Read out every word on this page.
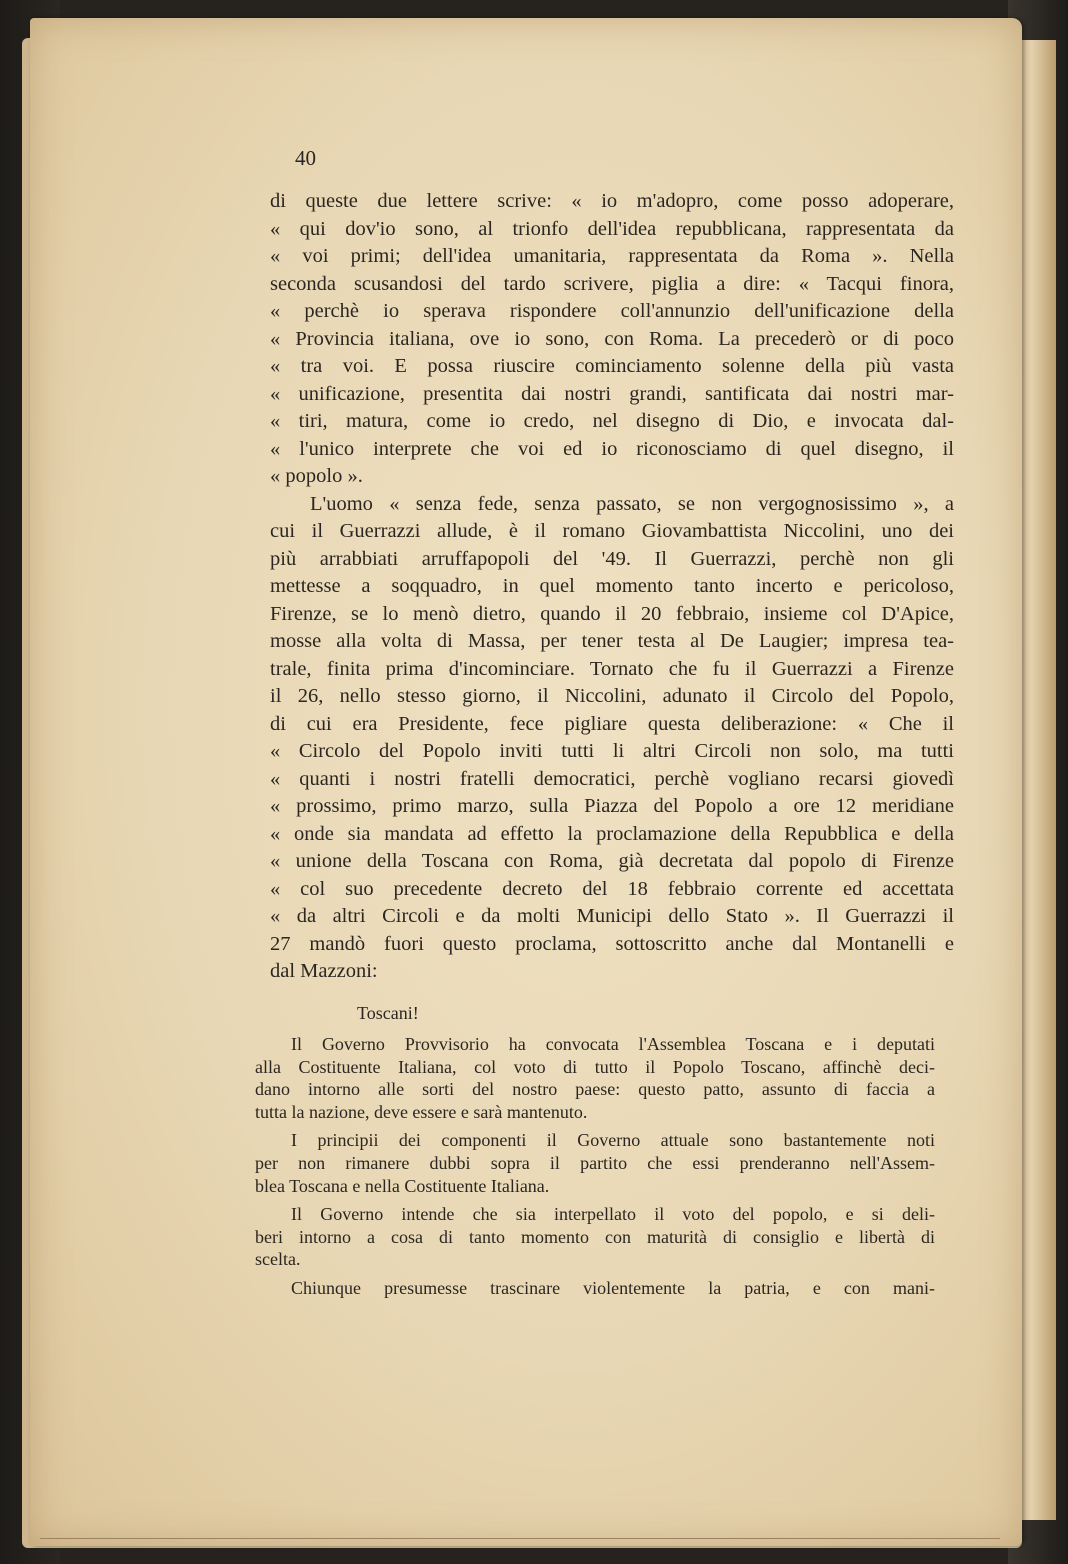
40
di queste due lettere scrive: « io m'adopro, come posso adoperare,
« qui dov'io sono, al trionfo dell'idea repubblicana, rappresentata da
« voi primi; dell'idea umanitaria, rappresentata da Roma ». Nella
seconda scusandosi del tardo scrivere, piglia a dire: « Tacqui finora,
« perchè io sperava rispondere coll'annunzio dell'unificazione della
« Provincia italiana, ove io sono, con Roma. La precederò or di poco
« tra voi. E possa riuscire cominciamento solenne della più vasta
« unificazione, presentita dai nostri grandi, santificata dai nostri mar-
« tiri, matura, come io credo, nel disegno di Dio, e invocata dal-
« l'unico interprete che voi ed io riconosciamo di quel disegno, il
« popolo ».
L'uomo « senza fede, senza passato, se non vergognosissimo », a
cui il Guerrazzi allude, è il romano Giovambattista Niccolini, uno dei
più arrabbiati arruffapopoli del '49. Il Guerrazzi, perchè non gli
mettesse a soqquadro, in quel momento tanto incerto e pericoloso,
Firenze, se lo menò dietro, quando il 20 febbraio, insieme col D'Apice,
mosse alla volta di Massa, per tener testa al De Laugier; impresa tea-
trale, finita prima d'incominciare. Tornato che fu il Guerrazzi a Firenze
il 26, nello stesso giorno, il Niccolini, adunato il Circolo del Popolo,
di cui era Presidente, fece pigliare questa deliberazione: « Che il
« Circolo del Popolo inviti tutti li altri Circoli non solo, ma tutti
« quanti i nostri fratelli democratici, perchè vogliano recarsi giovedì
« prossimo, primo marzo, sulla Piazza del Popolo a ore 12 meridiane
« onde sia mandata ad effetto la proclamazione della Repubblica e della
« unione della Toscana con Roma, già decretata dal popolo di Firenze
« col suo precedente decreto del 18 febbraio corrente ed accettata
« da altri Circoli e da molti Municipi dello Stato ». Il Guerrazzi il
27 mandò fuori questo proclama, sottoscritto anche dal Montanelli e
dal Mazzoni:
Toscani!
Il Governo Provvisorio ha convocata l'Assemblea Toscana e i deputati
alla Costituente Italiana, col voto di tutto il Popolo Toscano, affinchè deci-
dano intorno alle sorti del nostro paese: questo patto, assunto di faccia a
tutta la nazione, deve essere e sarà mantenuto.
I principii dei componenti il Governo attuale sono bastantemente noti
per non rimanere dubbi sopra il partito che essi prenderanno nell'Assem-
blea Toscana e nella Costituente Italiana.
Il Governo intende che sia interpellato il voto del popolo, e si deli-
beri intorno a cosa di tanto momento con maturità di consiglio e libertà di
scelta.
Chiunque presumesse trascinare violentemente la patria, e con mani-
